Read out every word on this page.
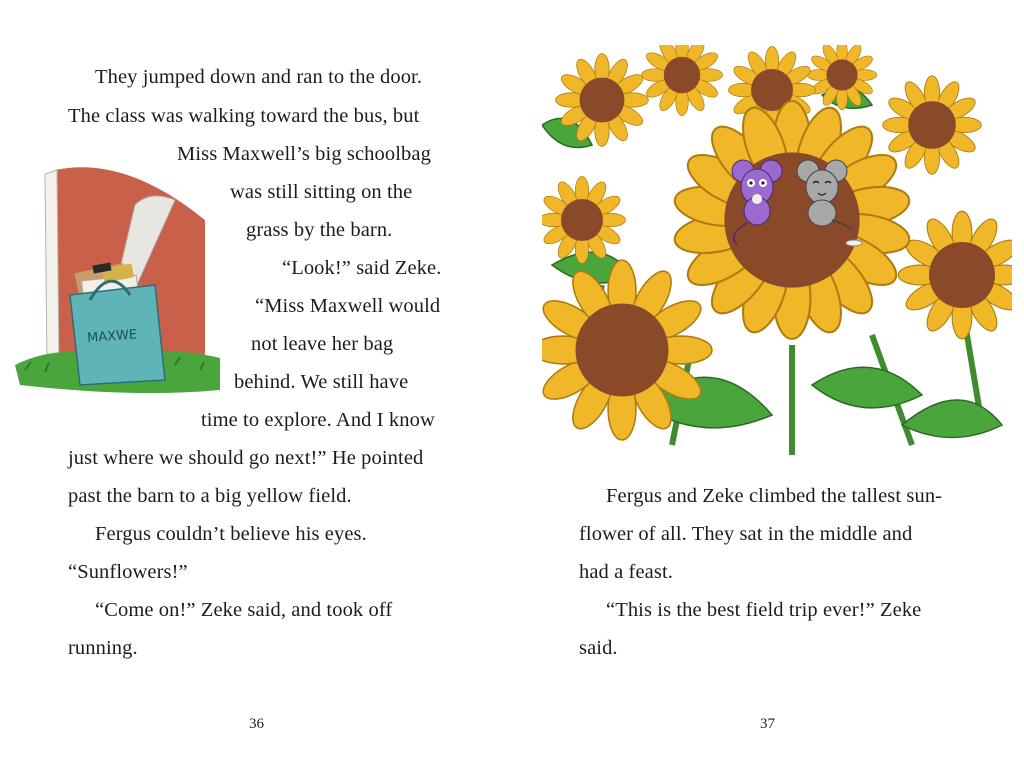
They jumped down and ran to the door.
The class was walking toward the bus, but
Miss Maxwell’s big schoolbag
was still sitting on the
grass by the barn.
“Look!” said Zeke.
“Miss Maxwell would
not leave her bag
behind. We still have
time to explore. And I know
just where we should go next!” He pointed
past the barn to a big yellow field.
Fergus couldn’t believe his eyes.
“Sunflowers!”
“Come on!” Zeke said, and took off
running.
MAXWE
36
Fergus and Zeke climbed the tallest sun-
flower of all. They sat in the middle and
had a feast.
“This is the best field trip ever!” Zeke
said.
37
